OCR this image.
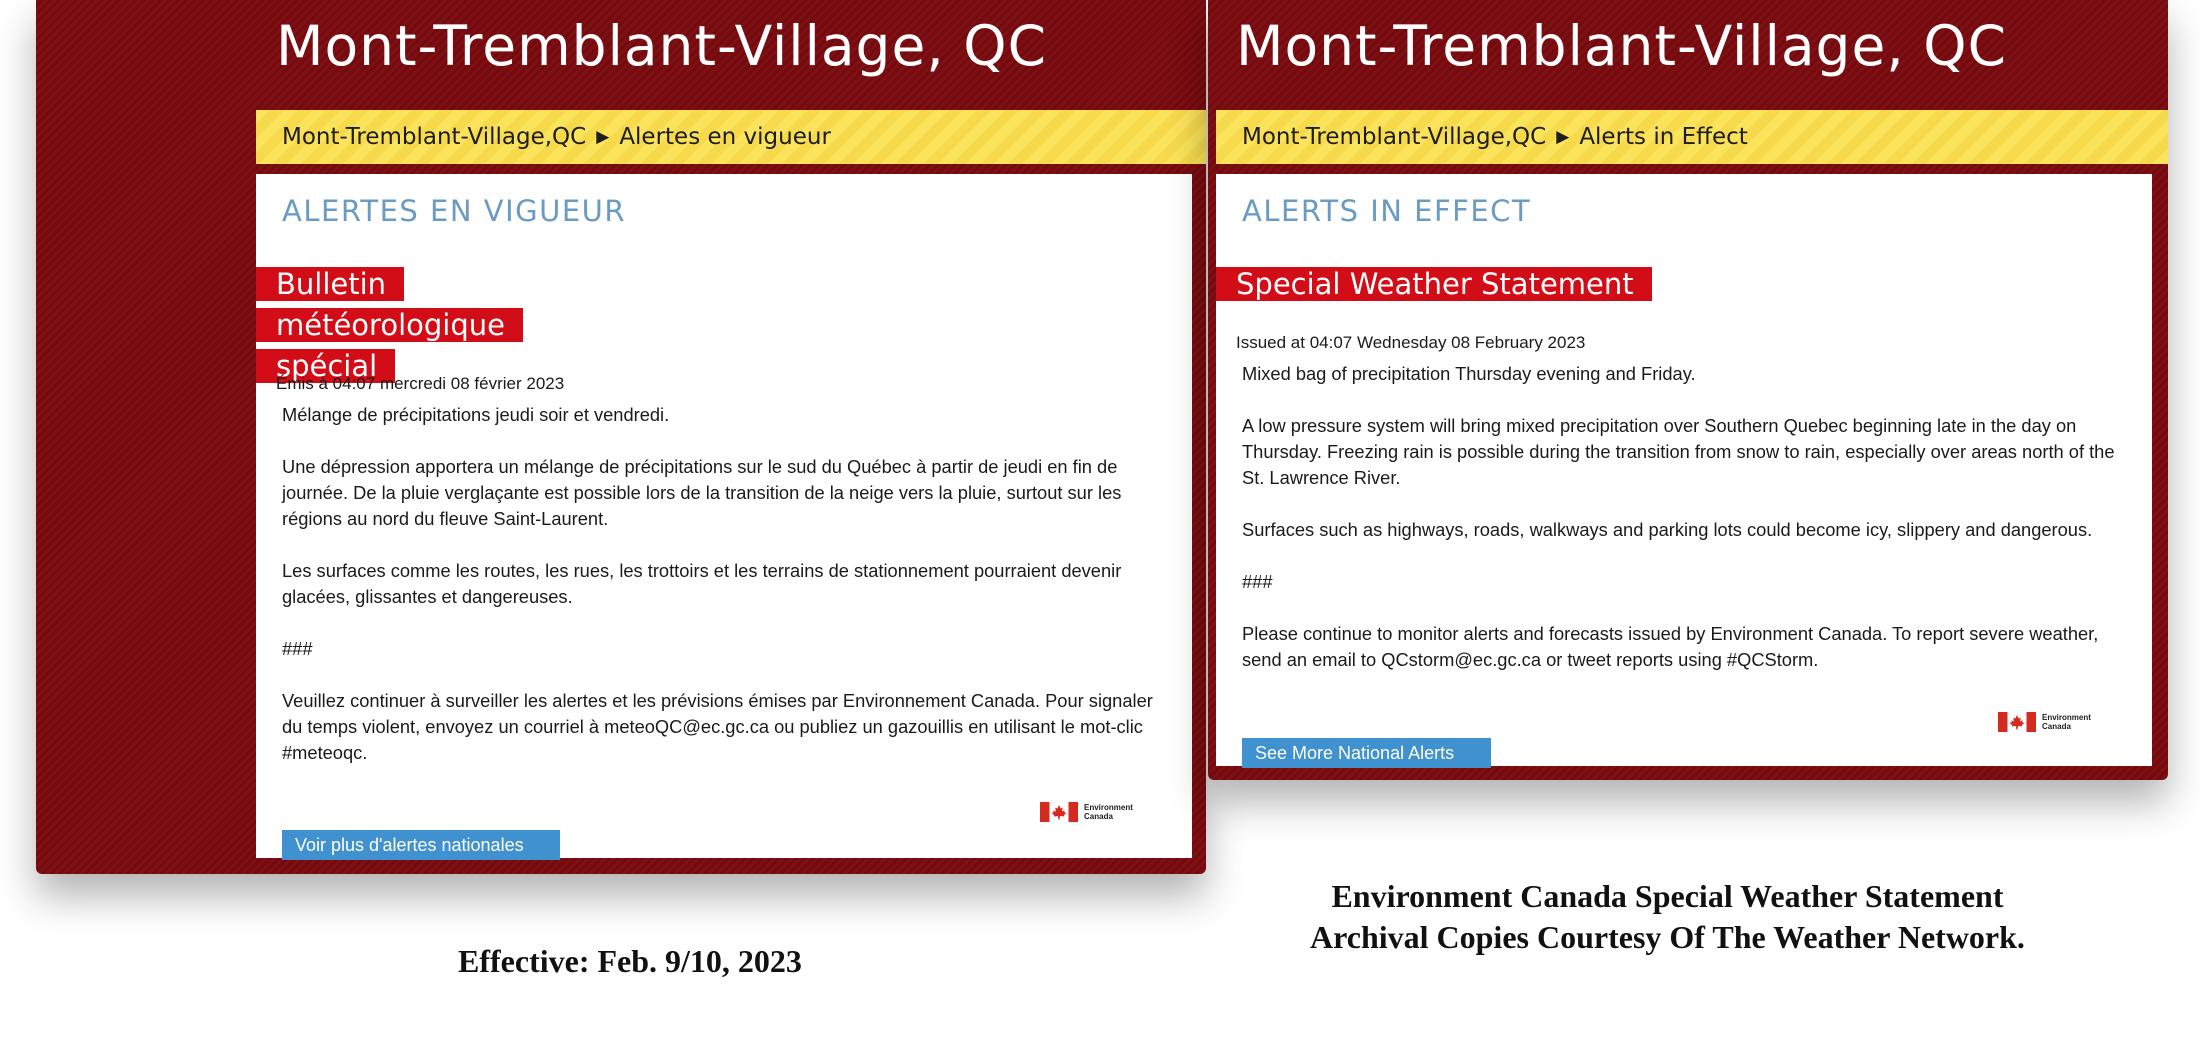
Mont-Tremblant-Village, QC
Mont-Tremblant-Village,QC ▶ Alertes en vigueur
ALERTES EN VIGUEUR
Bulletin météorologique
spécial
Émis à 04:07 mercredi 08 février 2023

Mélange de précipitations jeudi soir et vendredi.

Une dépression apportera un mélange de précipitations sur le sud du Québec à partir de jeudi en fin de journée. De la pluie verglaçante est possible lors de la transition de la neige vers la pluie, surtout sur les régions au nord du fleuve Saint-Laurent.

Les surfaces comme les routes, les rues, les trottoirs et les terrains de stationnement pourraient devenir glacées, glissantes et dangereuses.

###

Veuillez continuer à surveiller les alertes et les prévisions émises par Environnement Canada. Pour signaler du temps violent, envoyez un courriel à meteoQC@ec.gc.ca ou publiez un gazouillis en utilisant le mot-clic #meteoqc.

Environment
Canada
Voir plus d'alertes nationales
Mont-Tremblant-Village, QC
Mont-Tremblant-Village,QC ▶ Alerts in Effect
ALERTS IN EFFECT
Special Weather Statement
Issued at 04:07 Wednesday 08 February 2023

Mixed bag of precipitation Thursday evening and Friday.

A low pressure system will bring mixed precipitation over Southern Quebec beginning late in the day on Thursday. Freezing rain is possible during the transition from snow to rain, especially over areas north of the St. Lawrence River.

Surfaces such as highways, roads, walkways and parking lots could become icy, slippery and dangerous.

###

Please continue to monitor alerts and forecasts issued by Environment Canada. To report severe weather, send an email to QCstorm@ec.gc.ca or tweet reports using #QCStorm.

Environment
Canada
See More National Alerts
Effective: Feb. 9/10, 2023
Environment Canada Special Weather Statement
Archival Copies Courtesy Of The Weather Network.
